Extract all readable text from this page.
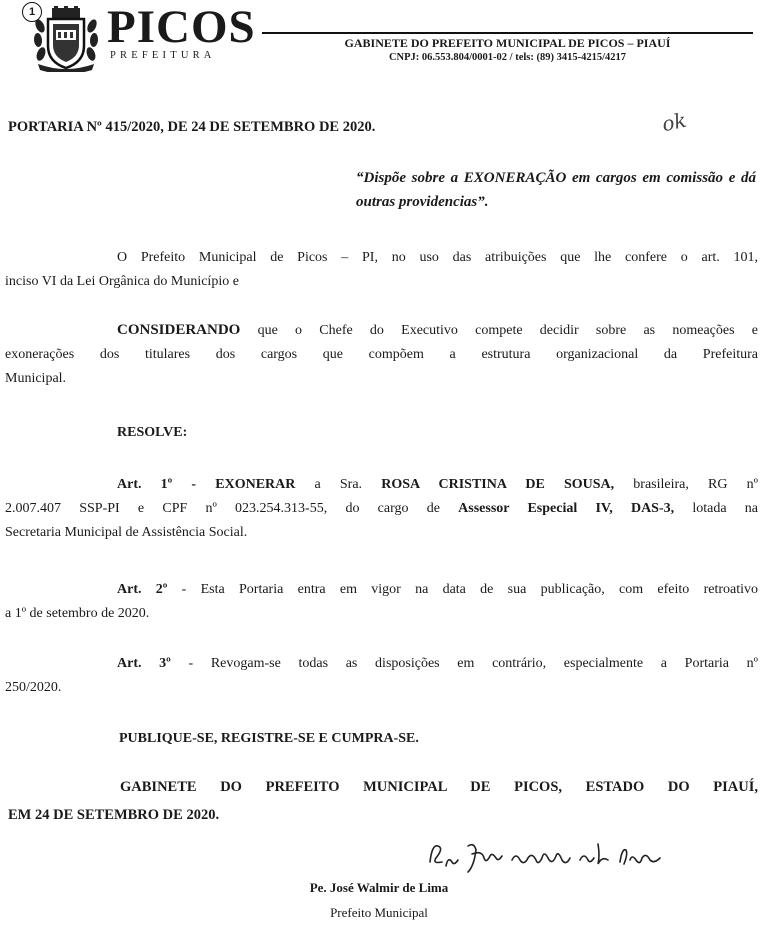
1 PICOS
PREFEITURA
GABINETE DO PREFEITO MUNICIPAL DE PICOS – PIAUÍ
CNPJ: 06.553.804/0001-02 / tels: (89) 3415-4215/4217
PORTARIA Nº 415/2020, DE 24 DE SETEMBRO DE 2020.	ok
“Dispõe sobre a EXONERAÇÃO em cargos em comissão e dá outras providencias”.
O Prefeito Municipal de Picos – PI, no uso das atribuições que lhe confere o art. 101,
inciso VI da Lei Orgânica do Município e
CONSIDERANDO que o Chefe do Executivo compete decidir sobre as nomeações e
exonerações dos titulares dos cargos que compõem a estrutura organizacional da Prefeitura
Municipal.
RESOLVE:
Art. 1º - EXONERAR a Sra. ROSA CRISTINA DE SOUSA, brasileira, RG nº
2.007.407 SSP-PI e CPF nº 023.254.313-55, do cargo de Assessor Especial IV, DAS-3, lotada na
Secretaria Municipal de Assistência Social.
Art. 2º - Esta Portaria entra em vigor na data de sua publicação, com efeito retroativo
a 1º de setembro de 2020.
Art. 3º - Revogam-se todas as disposições em contrário, especialmente a Portaria nº
250/2020.
PUBLIQUE-SE, REGISTRE-SE E CUMPRA-SE.
GABINETE DO PREFEITO MUNICIPAL DE PICOS, ESTADO DO PIAUÍ,
EM 24 DE SETEMBRO DE 2020.
Pe. José Walmir de Lima
Prefeito Municipal
